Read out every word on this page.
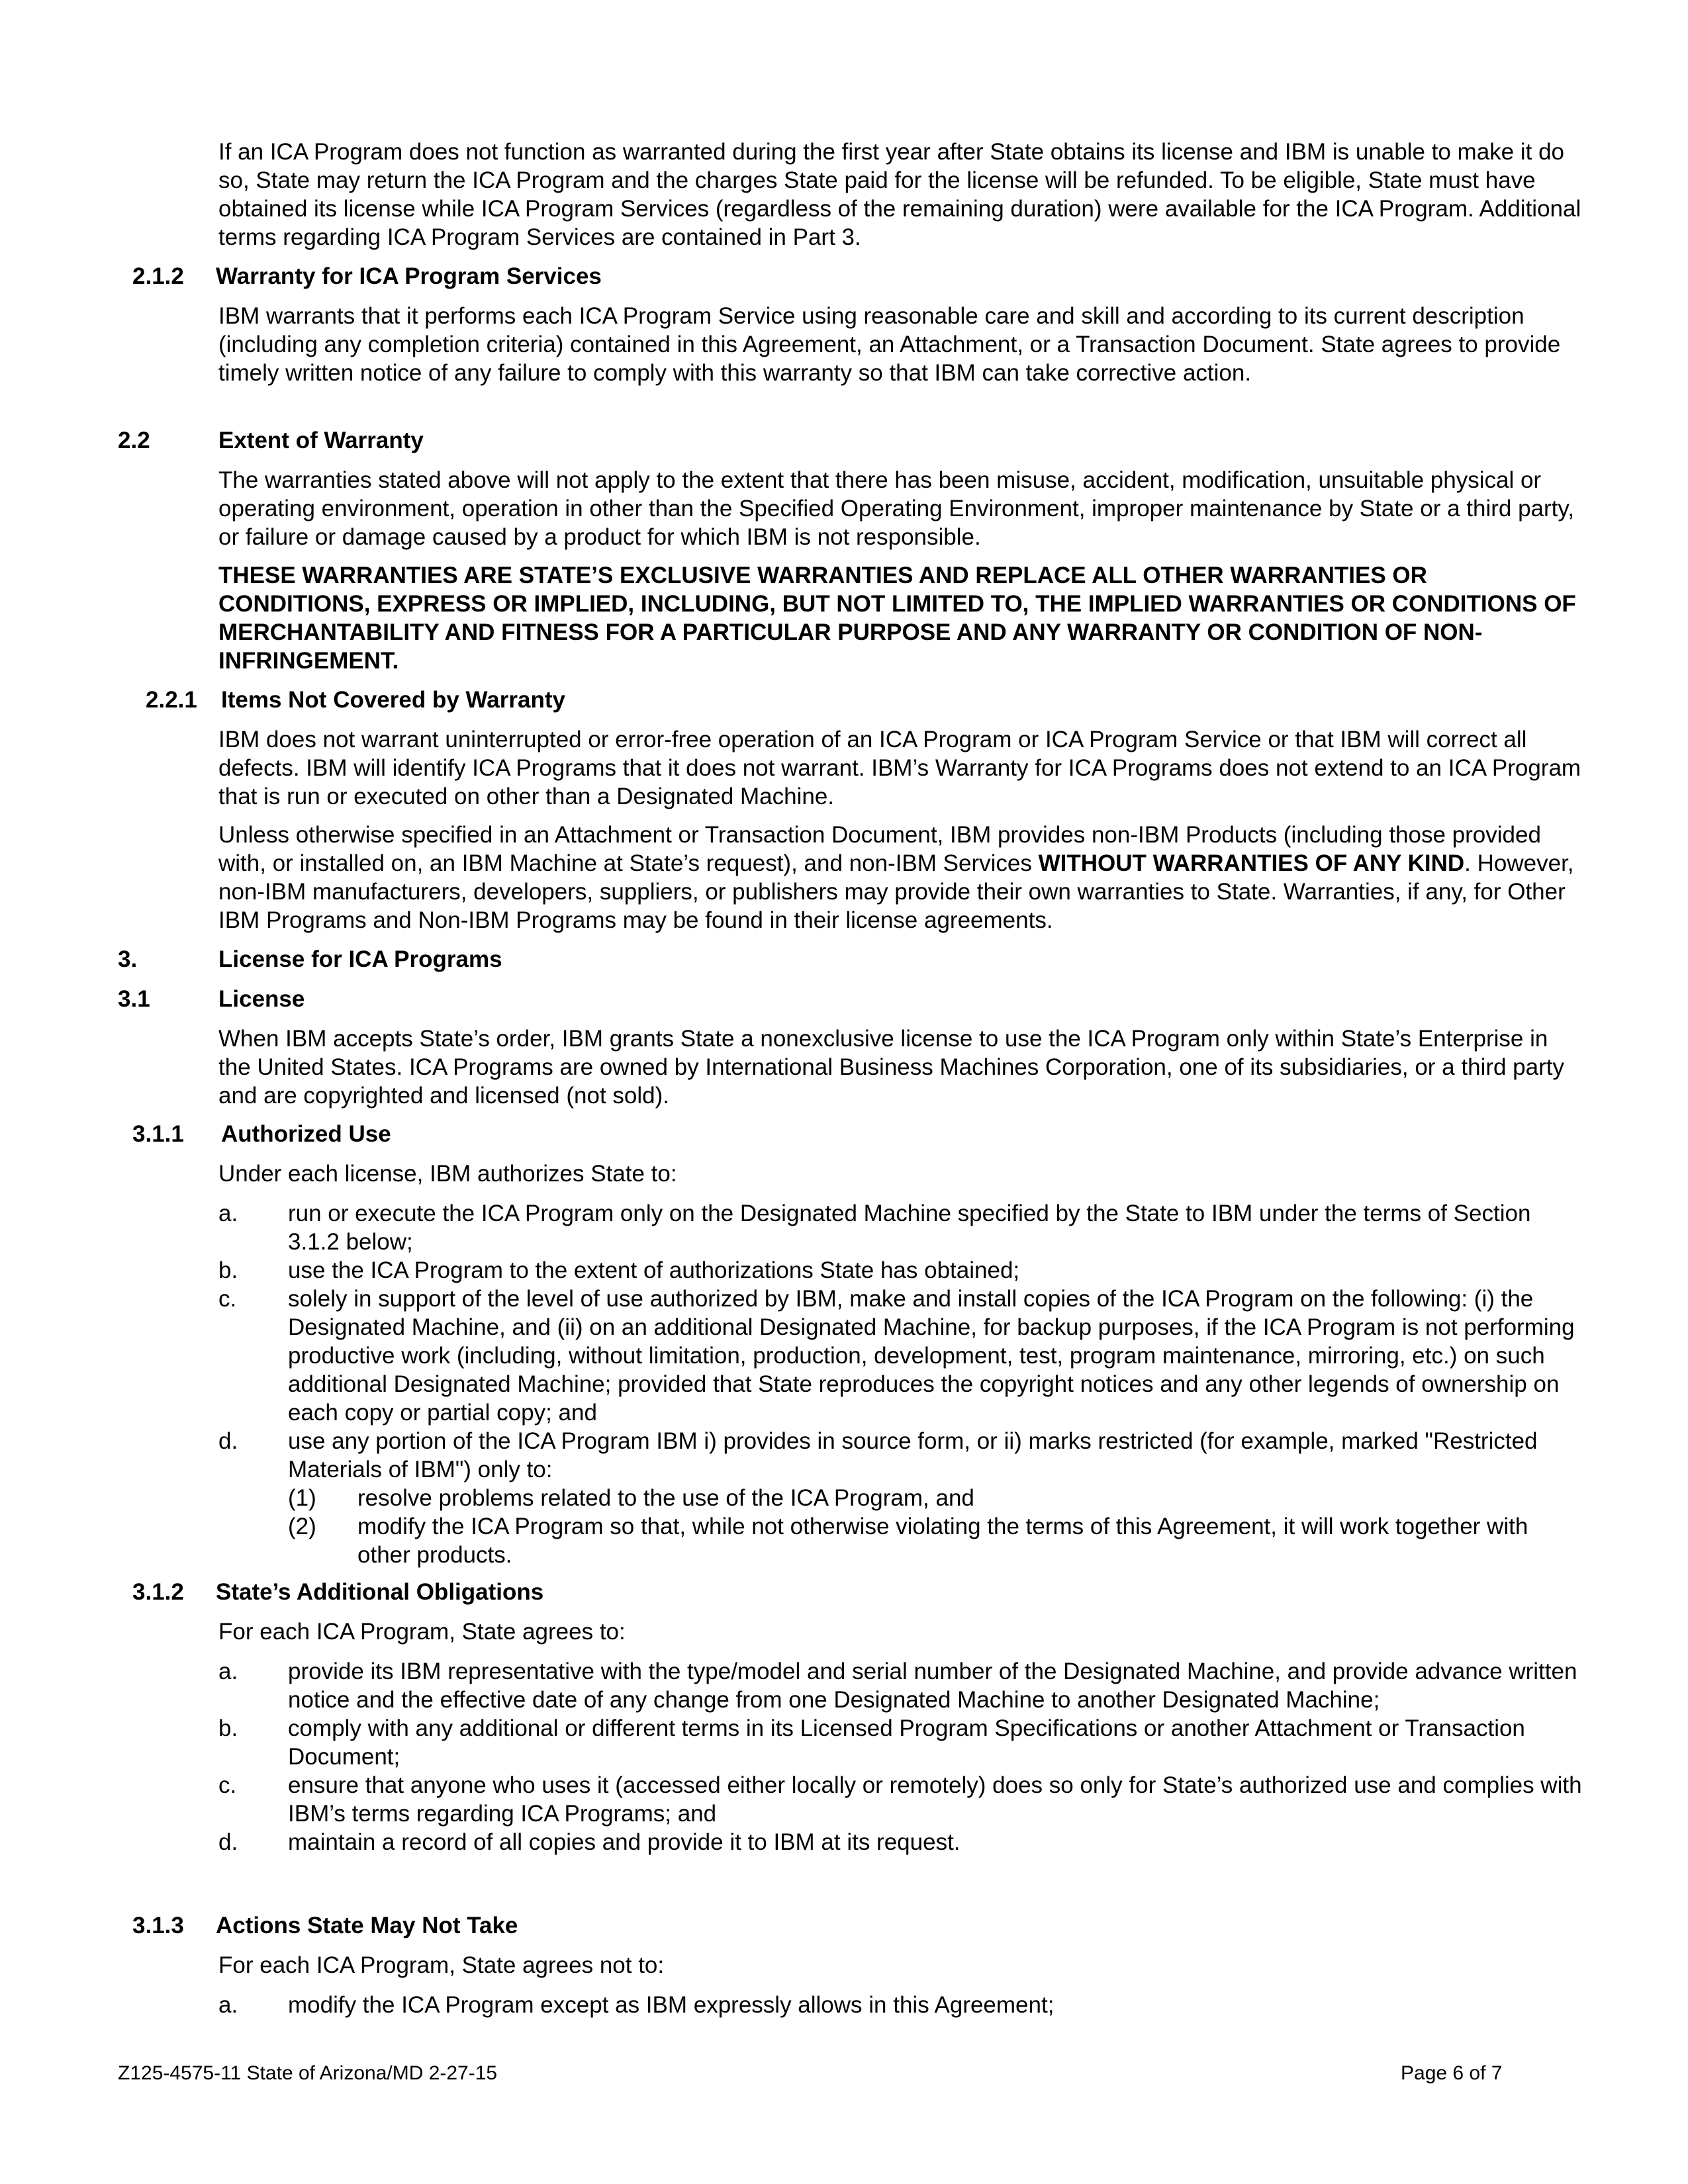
If an ICA Program does not function as warranted during the first year after State obtains its license and IBM is unable to make it do so, State may return the ICA Program and the charges State paid for the license will be refunded. To be eligible, State must have obtained its license while ICA Program Services (regardless of the remaining duration) were available for the ICA Program. Additional terms regarding ICA Program Services are contained in Part 3.

2.1.2 Warranty for ICA Program Services

IBM warrants that it performs each ICA Program Service using reasonable care and skill and according to its current description (including any completion criteria) contained in this Agreement, an Attachment, or a Transaction Document. State agrees to provide timely written notice of any failure to comply with this warranty so that IBM can take corrective action.

2.2	Extent of Warranty

The warranties stated above will not apply to the extent that there has been misuse, accident, modification, unsuitable physical or operating environment, operation in other than the Specified Operating Environment, improper maintenance by State or a third party, or failure or damage caused by a product for which IBM is not responsible.

THESE WARRANTIES ARE STATE’S EXCLUSIVE WARRANTIES AND REPLACE ALL OTHER WARRANTIES OR CONDITIONS, EXPRESS OR IMPLIED, INCLUDING, BUT NOT LIMITED TO, THE IMPLIED WARRANTIES OR CONDITIONS OF MERCHANTABILITY AND FITNESS FOR A PARTICULAR PURPOSE AND ANY WARRANTY OR CONDITION OF NON-INFRINGEMENT.

2.2.1 Items Not Covered by Warranty

IBM does not warrant uninterrupted or error-free operation of an ICA Program or ICA Program Service or that IBM will correct all defects. IBM will identify ICA Programs that it does not warrant. IBM’s Warranty for ICA Programs does not extend to an ICA Program that is run or executed on other than a Designated Machine.

Unless otherwise specified in an Attachment or Transaction Document, IBM provides non-IBM Products (including those provided with, or installed on, an IBM Machine at State’s request), and non-IBM Services WITHOUT WARRANTIES OF ANY KIND. However, non-IBM manufacturers, developers, suppliers, or publishers may provide their own warranties to State. Warranties, if any, for Other IBM Programs and Non-IBM Programs may be found in their license agreements.

3.	License for ICA Programs
3.1	License

When IBM accepts State’s order, IBM grants State a nonexclusive license to use the ICA Program only within State’s Enterprise in the United States. ICA Programs are owned by International Business Machines Corporation, one of its subsidiaries, or a third party and are copyrighted and licensed (not sold).

3.1.1 Authorized Use

Under each license, IBM authorizes State to:

a. run or execute the ICA Program only on the Designated Machine specified by the State to IBM under the terms of Section 3.1.2 below;
b. use the ICA Program to the extent of authorizations State has obtained;
c. solely in support of the level of use authorized by IBM, make and install copies of the ICA Program on the following: (i) the Designated Machine, and (ii) on an additional Designated Machine, for backup purposes, if the ICA Program is not performing productive work (including, without limitation, production, development, test, program maintenance, mirroring, etc.) on such additional Designated Machine; provided that State reproduces the copyright notices and any other legends of ownership on each copy or partial copy; and
d. use any portion of the ICA Program IBM i) provides in source form, or ii) marks restricted (for example, marked "Restricted Materials of IBM") only to:
(1) resolve problems related to the use of the ICA Program, and
(2) modify the ICA Program so that, while not otherwise violating the terms of this Agreement, it will work together with other products.
3.1.2 State’s Additional Obligations

For each ICA Program, State agrees to:

a. provide its IBM representative with the type/model and serial number of the Designated Machine, and provide advance written notice and the effective date of any change from one Designated Machine to another Designated Machine;
b. comply with any additional or different terms in its Licensed Program Specifications or another Attachment or Transaction Document;
c. ensure that anyone who uses it (accessed either locally or remotely) does so only for State’s authorized use and complies with IBM’s terms regarding ICA Programs; and
d. maintain a record of all copies and provide it to IBM at its request.
3.1.3 Actions State May Not Take

For each ICA Program, State agrees not to:

a. modify the ICA Program except as IBM expressly allows in this Agreement;
Z125-4575-11 State of Arizona/MD 2-27-15	Page 6 of 7
